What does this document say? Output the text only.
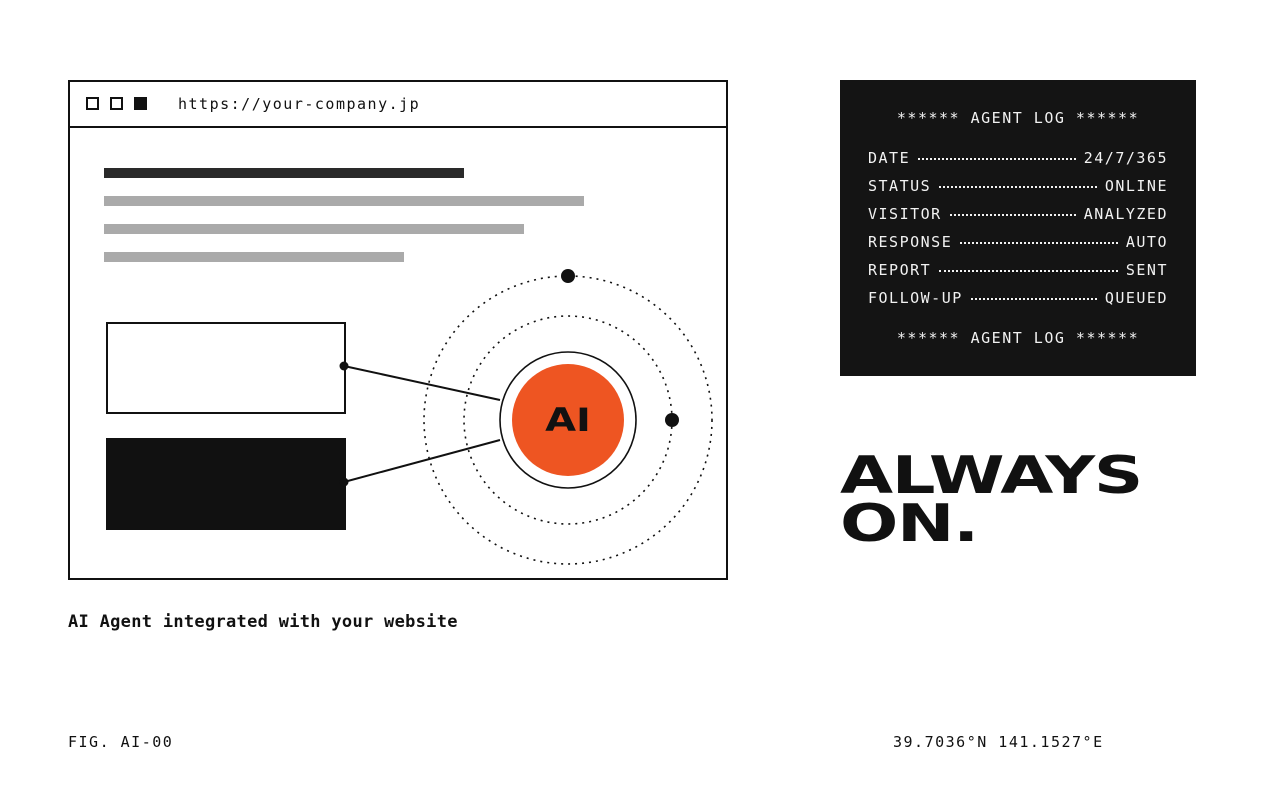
https://your-company.jp
AI
AI Agent integrated with your website
FIG. AI-00	39.7036°N 141.1527°E
****** AGENT LOG ******
DATE	24/7/365
STATUS	ONLINE
VISITOR	ANALYZED
RESPONSE	AUTO
REPORT	SENT
FOLLOW-UP	QUEUED
****** AGENT LOG ******
ALWAYS
ON.
